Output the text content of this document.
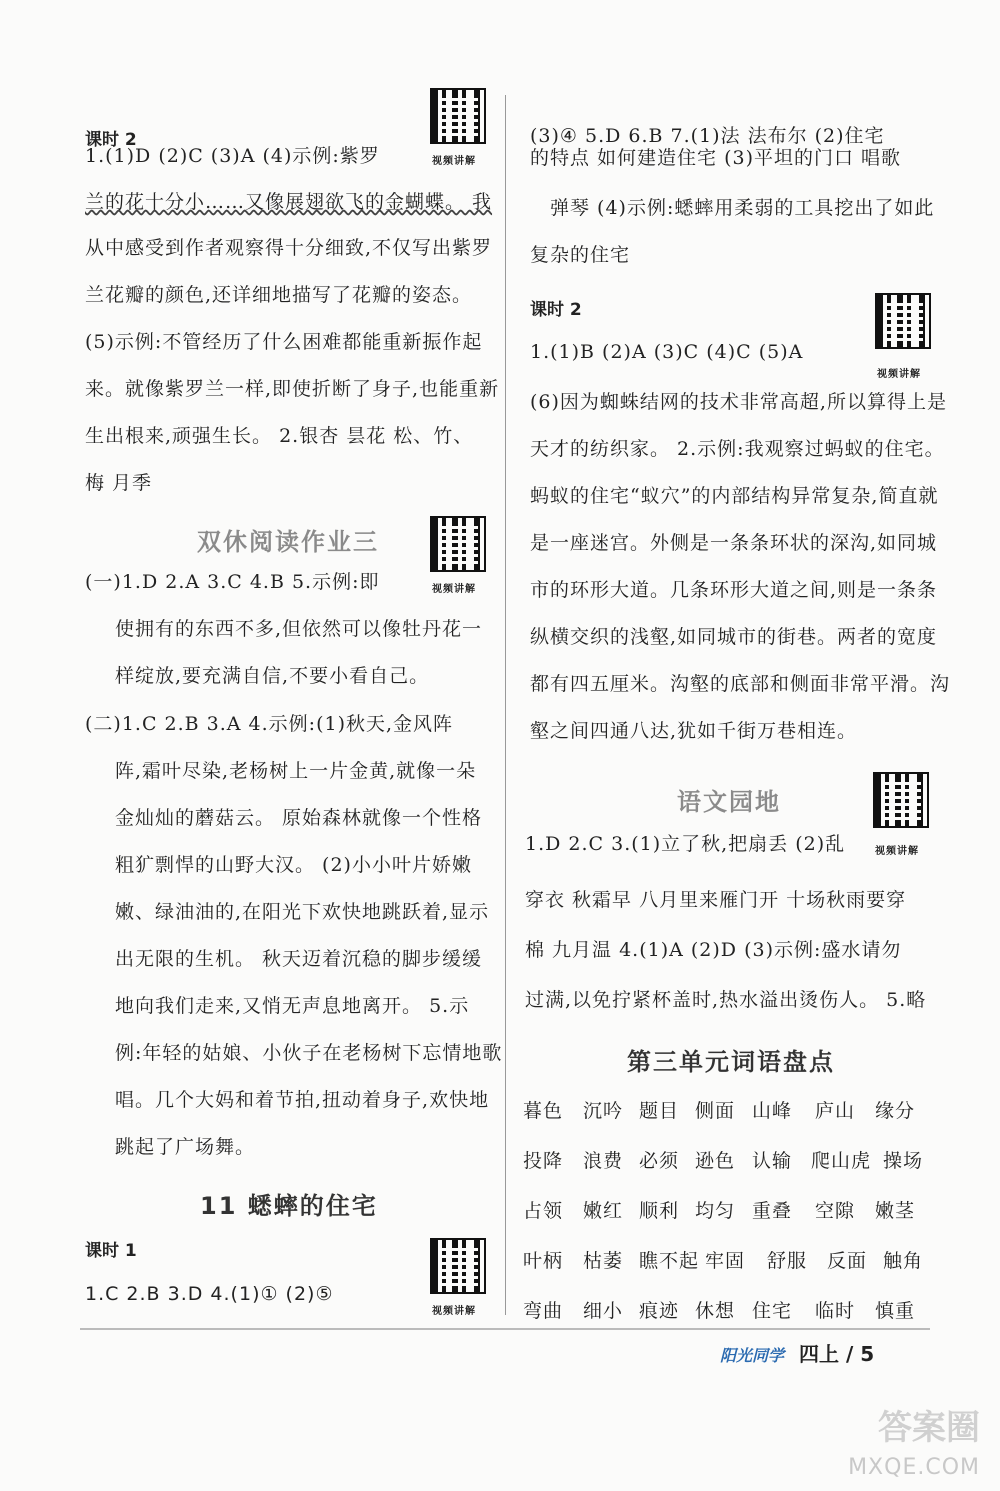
课时 2
视频讲解
1.(1)D (2)C (3)A (4)示例:紫罗
兰的花十分小……又像展翅欲飞的金蝴蝶。 我
从中感受到作者观察得十分细致,不仅写出紫罗
兰花瓣的颜色,还详细地描写了花瓣的姿态。
(5)示例:不管经历了什么困难都能重新振作起
来。就像紫罗兰一样,即使折断了身子,也能重新
生出根来,顽强生长。 2.银杏 昙花 松、竹、
梅 月季
双休阅读作业三
视频讲解
(一)1.D 2.A 3.C 4.B 5.示例:即
使拥有的东西不多,但依然可以像牡丹花一
样绽放,要充满自信,不要小看自己。
(二)1.C 2.B 3.A 4.示例:(1)秋天,金风阵
阵,霜叶尽染,老杨树上一片金黄,就像一朵
金灿灿的蘑菇云。 原始森林就像一个性格
粗犷剽悍的山野大汉。 (2)小小叶片娇嫩
嫩、绿油油的,在阳光下欢快地跳跃着,显示
出无限的生机。 秋天迈着沉稳的脚步缓缓
地向我们走来,又悄无声息地离开。 5.示
例:年轻的姑娘、小伙子在老杨树下忘情地歌
唱。几个大妈和着节拍,扭动着身子,欢快地
跳起了广场舞。
11 蟋蟀的住宅
课时 1
视频讲解
1.C 2.B 3.D 4.(1)① (2)⑤
(3)④ 5.D 6.B 7.(1)法 法布尔 (2)住宅
的特点 如何建造住宅 (3)平坦的门口 唱歌
弹琴 (4)示例:蟋蟀用柔弱的工具挖出了如此
复杂的住宅
课时 2
视频讲解
1.(1)B (2)A (3)C (4)C (5)A
(6)因为蜘蛛结网的技术非常高超,所以算得上是
天才的纺织家。 2.示例:我观察过蚂蚁的住宅。
蚂蚁的住宅“蚁穴”的内部结构异常复杂,简直就
是一座迷宫。外侧是一条条环状的深沟,如同城
市的环形大道。几条环形大道之间,则是一条条
纵横交织的浅壑,如同城市的街巷。两者的宽度
都有四五厘米。沟壑的底部和侧面非常平滑。沟
壑之间四通八达,犹如千街万巷相连。
语文园地
视频讲解
1.D 2.C 3.(1)立了秋,把扇丢 (2)乱
穿衣 秋霜早 八月里来雁门开 十场秋雨要穿
棉 九月温 4.(1)A (2)D (3)示例:盛水请勿
过满,以免拧紧杯盖时,热水溢出烫伤人。 5.略
第三单元词语盘点
暮色 沉吟 题目 侧面 山峰 庐山 缘分
投降 浪费 必须 逊色 认输 爬山虎 操场
占领 嫩红 顺利 均匀 重叠 空隙 嫩茎
叶柄 枯萎 瞧不起 牢固 舒服 反面 触角
弯曲 细小 痕迹 休想 住宅 临时 慎重
阳光同学 四上 / 5
答案圈
MXQE.COM
